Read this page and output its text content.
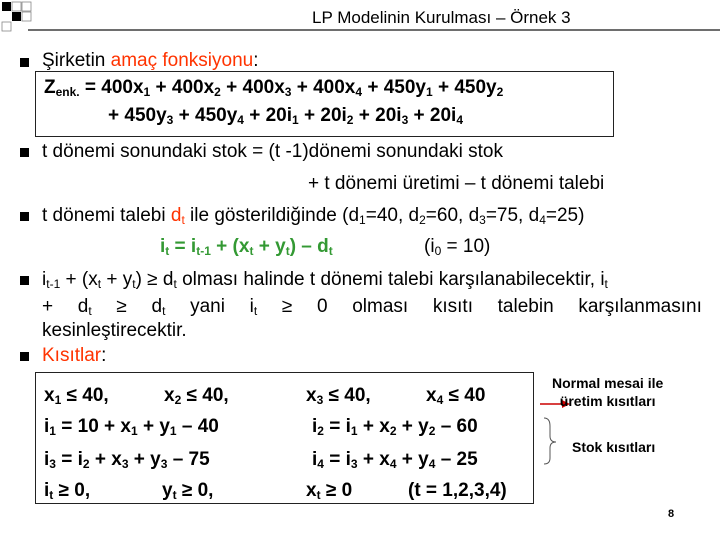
LP Modelinin Kurulması – Örnek 3
Şirketin amaç fonksiyonu:
$Z_{enk.} = 400x_1 + 400x_2 + 400x_3 + 400x_4 + 450y_1 + 450y_2$
+ $450y_3 + 450y_4 + 20i_1 + 20i_2 + 20i_3 + 20i_4$
t dönemi sonundaki stok = (t -1)dönemi sonundaki stok
+ t dönemi üretimi – t dönemi talebi
t dönemi talebi $d_t$ ile gösterildiğinde ($d_1=40$, $d_2=60$, $d_3=75$, $d_4=25$)
$i_t = i_{t-1} + (x_t + y_t) - d_t$	$(i_0 = 10)$
$i_{t-1} + (x_t + y_t) \ge d_t$ olması halinde t dönemi talebi karşılanabilecektir, $i_t$
+ $d_t \ge d_t$ yani $i_t \ge 0$ olması kısıtı talebin karşılanmasını
kesinleştirecektir.
Kısıtlar:
$x_1 \le 40$,	$x_2 \le 40$,	$x_3 \le 40$,	$x_4 \le 40$
$i_1 = 10 + x_1 + y_1 - 40$	$i_2 = i_1 + x_2 + y_2 - 60$
$i_3 = i_2 + x_3 + y_3 - 75$	$i_4 = i_3 + x_4 + y_4 - 25$
$i_t \ge 0$,	$y_t \ge 0$,	$x_t \ge 0$	(t = 1,2,3,4)
Normal mesai ile
üretim kısıtları
Stok kısıtları
8
